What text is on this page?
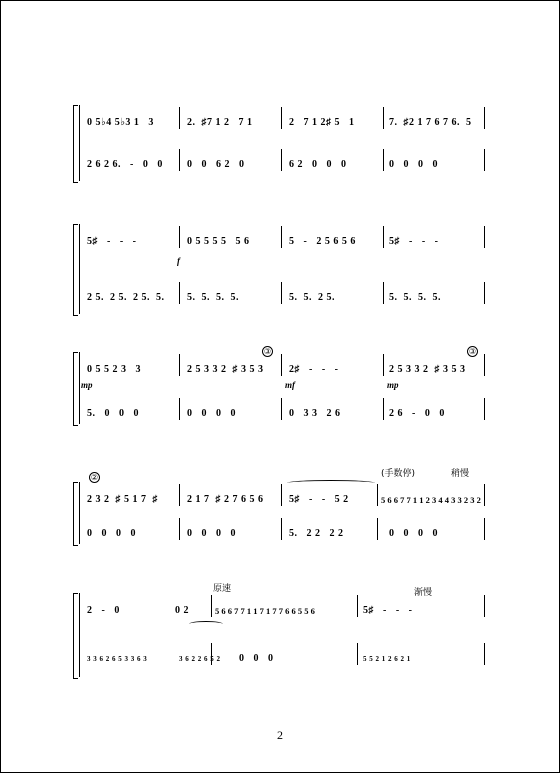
0 5♭4 5♭3 1   3	2.  ♯7 1 2   7 1	2   7 1 2♯ 5   1	7.  ♯2 1 7 6 7 6.  5
2 6 2 6.   -   0   0 0   0   6 2   0	6 2   0   0   0	0   0   0   0
5♯   -   -   -	0 5 5 5 5   5 6	5   -   2 5 6 5 6	5♯   -   -   -
f
2 5.  2 5.  2 5.  5. 5.  5.  5.  5.	5.  5.  2 5.	5.  5.  5.  5.
③	③
0 5 5 2 3   3	2 5 3 3 2  ♯ 3 5 3	2♯   -   -   -	2 5 3 3 2  ♯ 3 5 3
mp	mf	mp
5.   0   0   0	0   0   0   0	0   3 3   2 6	2 6   -   0   0
②	(手数停)	稍慢
2 3 2  ♯ 5 1 7  ♯	2 1 7  ♯ 2 7 6 5 6	5♯   -   -   5 2	5 6 6 7 7 1 1 2 3 4 4 3 3 2 3 2
0   0   0   0	0   0   0   0	5.   2 2   2 2	0   0   0   0
原速	渐慢
2   -   0	0 2	5 6 6 7 7 1 1 7 1 7 7 6 6 5 5 6	5♯   -   -   -
3 3 6 2 6 5 3 3 6 3	3 6 2 2 6 5 2 0   0   0	5 5 2 1 2 6 2 1
2
